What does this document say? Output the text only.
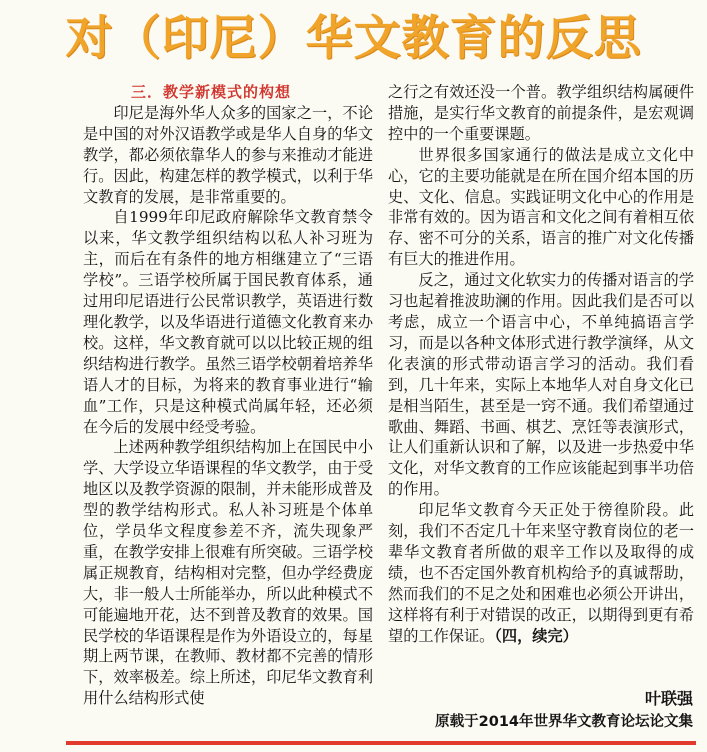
对（印尼）华文教育的反思

三．教学新模式的构想

印尼是海外华人众多的国家之一，不论是中国的对外汉语教学或是华人自身的华文教学，都必须依靠华人的参与来推动才能进行。因此，构建怎样的教学模式，以利于华文教育的发展，是非常重要的。

自1999年印尼政府解除华文教育禁令以来，华文教学组织结构以私人补习班为主，而后在有条件的地方相继建立了“三语学校”。三语学校所属于国民教育体系，通过用印尼语进行公民常识教学，英语进行数理化教学，以及华语进行道德文化教育来办校。这样，华文教育就可以以比较正规的组织结构进行教学。虽然三语学校朝着培养华语人才的目标，为将来的教育事业进行“输血”工作，只是这种模式尚属年轻，还必须在今后的发展中经受考验。

上述两种教学组织结构加上在国民中小学、大学设立华语课程的华文教学，由于受地区以及教学资源的限制，并未能形成普及型的教学结构形式。私人补习班是个体单位，学员华文程度参差不齐，流失现象严重，在教学安排上很难有所突破。三语学校属正规教育，结构相对完整，但办学经费庞大，非一般人士所能举办，所以此种模式不可能遍地开花，达不到普及教育的效果。国民学校的华语课程是作为外语设立的，每星期上两节课，在教师、教材都不完善的情形下，效率极差。综上所述，印尼华文教育利用什么结构形式使

之行之有效还没一个普。教学组织结构属硬件措施，是实行华文教育的前提条件，是宏观调控中的一个重要课题。

世界很多国家通行的做法是成立文化中心，它的主要功能就是在所在国介绍本国的历史、文化、信息。实践证明文化中心的作用是非常有效的。因为语言和文化之间有着相互依存、密不可分的关系，语言的推广对文化传播有巨大的推进作用。

反之，通过文化软实力的传播对语言的学习也起着推波助澜的作用。因此我们是否可以考虑，成立一个语言中心，不单纯搞语言学习，而是以各种文体形式进行教学演绎，从文化表演的形式带动语言学习的活动。我们看到，几十年来，实际上本地华人对自身文化已是相当陌生，甚至是一窍不通。我们希望通过歌曲、舞蹈、书画、棋艺、烹饪等表演形式，让人们重新认识和了解，以及进一步热爱中华文化，对华文教育的工作应该能起到事半功倍的作用。

印尼华文教育今天正处于徬徨阶段。此刻，我们不否定几十年来坚守教育岗位的老一辈华文教育者所做的艰辛工作以及取得的成绩，也不否定国外教育机构给予的真诚帮助，然而我们的不足之处和困难也必须公开讲出，这样将有利于对错误的改正，以期得到更有希望的工作保证。（四，续完）

叶联强
原载于2014年世界华文教育论坛论文集
